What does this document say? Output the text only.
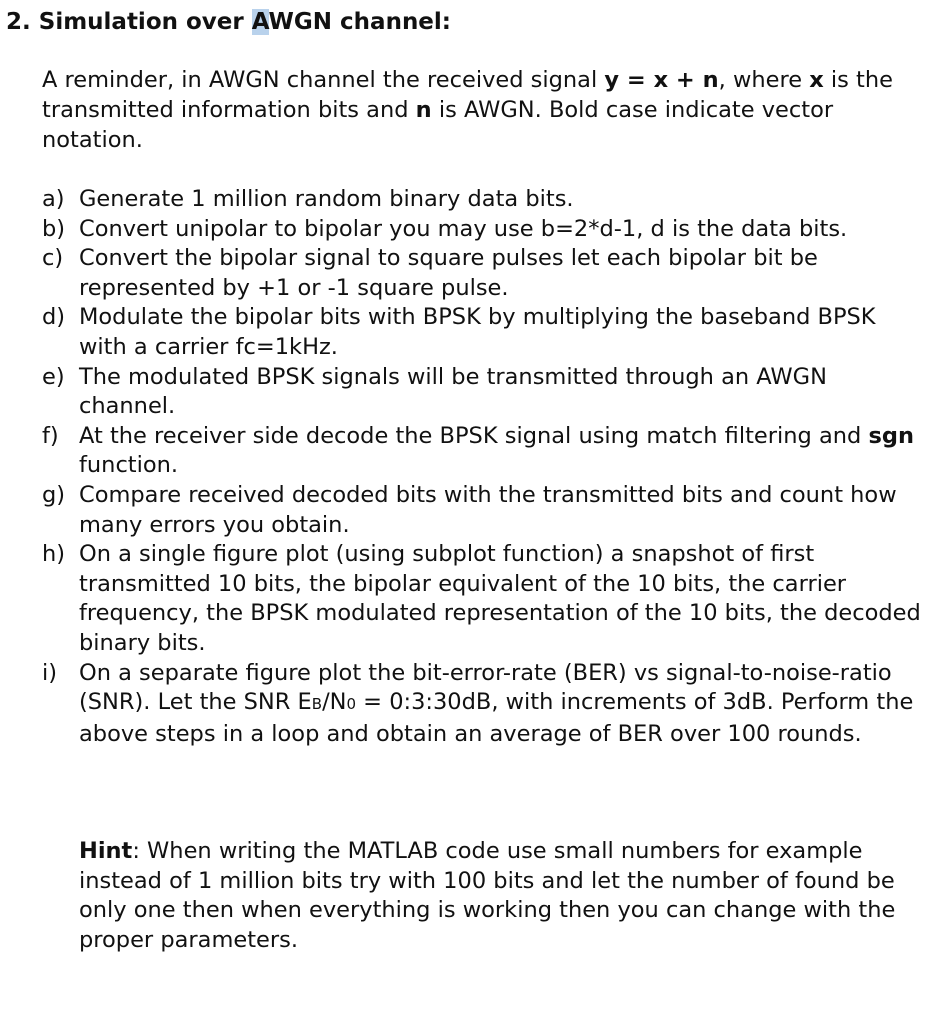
2. Simulation over AWGN channel:

A reminder, in AWGN channel the received signal y = x + n, where x is the transmitted information bits and n is AWGN. Bold case indicate vector notation.

a) Generate 1 million random binary data bits.
b) Convert unipolar to bipolar you may use b=2*d-1, d is the data bits.
c) Convert the bipolar signal to square pulses let each bipolar bit be represented by +1 or -1 square pulse.
d) Modulate the bipolar bits with BPSK by multiplying the baseband BPSK with a carrier fc=1kHz.
e) The modulated BPSK signals will be transmitted through an AWGN channel.
f) At the receiver side decode the BPSK signal using match filtering and sgn function.
g) Compare received decoded bits with the transmitted bits and count how many errors you obtain.
h) On a single figure plot (using subplot function) a snapshot of first transmitted 10 bits, the bipolar equivalent of the 10 bits, the carrier frequency, the BPSK modulated representation of the 10 bits, the decoded binary bits.
i) On a separate figure plot the bit-error-rate (BER) vs signal-to-noise-ratio (SNR). Let the SNR EB/N0 = 0:3:30dB, with increments of 3dB. Perform the above steps in a loop and obtain an average of BER over 100 rounds.

Hint: When writing the MATLAB code use small numbers for example instead of 1 million bits try with 100 bits and let the number of found be only one then when everything is working then you can change with the proper parameters.
